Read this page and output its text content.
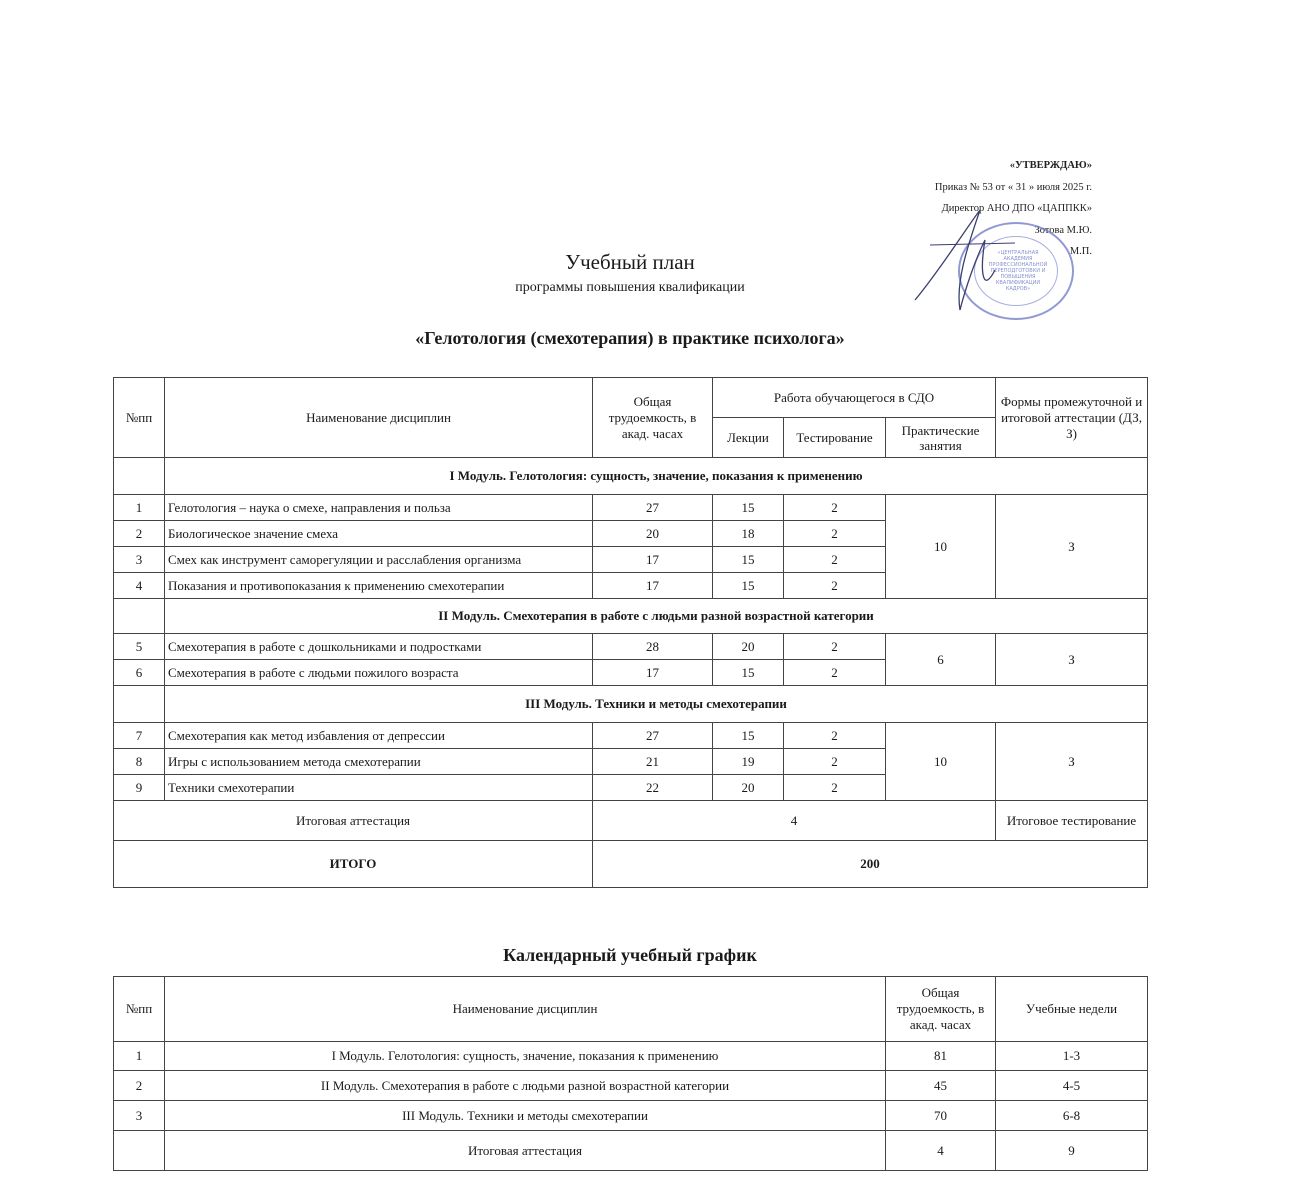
«УТВЕРЖДАЮ»
Приказ № 53 от « 31 » июля 2025 г.
Директор АНО ДПО «ЦАППКК»
Зотова М.Ю.
М.П.
«ЦЕНТРАЛЬНАЯ АКАДЕМИЯ ПРОФЕССИОНАЛЬНОЙ ПЕРЕПОДГОТОВКИ И ПОВЫШЕНИЯ КВАЛИФИКАЦИИ КАДРОВ»
Учебный план
программы повышения квалификации
«Гелотология (смехотерапия) в практике психолога»
№пп	Наименование дисциплин	Общая трудоемкость, в акад. часах	Работа обучающегося в СДО			Формы промежуточной и итоговой аттестации (ДЗ, З)
			Лекции	Тестирование	Практические занятия	
	I Модуль. Гелотология: сущность, значение, показания к применению					
1	Гелотология – наука о смехе, направления и польза	27	15	2	10	З
2	Биологическое значение смеха	20	18	2		
3	Смех как инструмент саморегуляции и расслабления организма	17	15	2		
4	Показания и противопоказания к применению смехотерапии	17	15	2		
	II Модуль. Смехотерапия в работе с людьми разной возрастной категории					
5	Смехотерапия в работе с дошкольниками и подростками	28	20	2	6	З
6	Смехотерапия в работе с людьми пожилого возраста	17	15	2		
	III Модуль. Техники и методы смехотерапии					
7	Смехотерапия как метод избавления от депрессии	27	15	2	10	З
8	Игры с использованием метода смехотерапии	21	19	2		
9	Техники смехотерапии	22	20	2		
Итоговая аттестация		4				Итоговое тестирование
ИТОГО		200				
Календарный учебный график
№пп	Наименование дисциплин	Общая трудоемкость, в акад. часах	Учебные недели
1	I Модуль. Гелотология: сущность, значение, показания к применению	81	1-3
2	II Модуль. Смехотерапия в работе с людьми разной возрастной категории	45	4-5
3	III Модуль. Техники и методы смехотерапии	70	6-8
	Итоговая аттестация	4	9
